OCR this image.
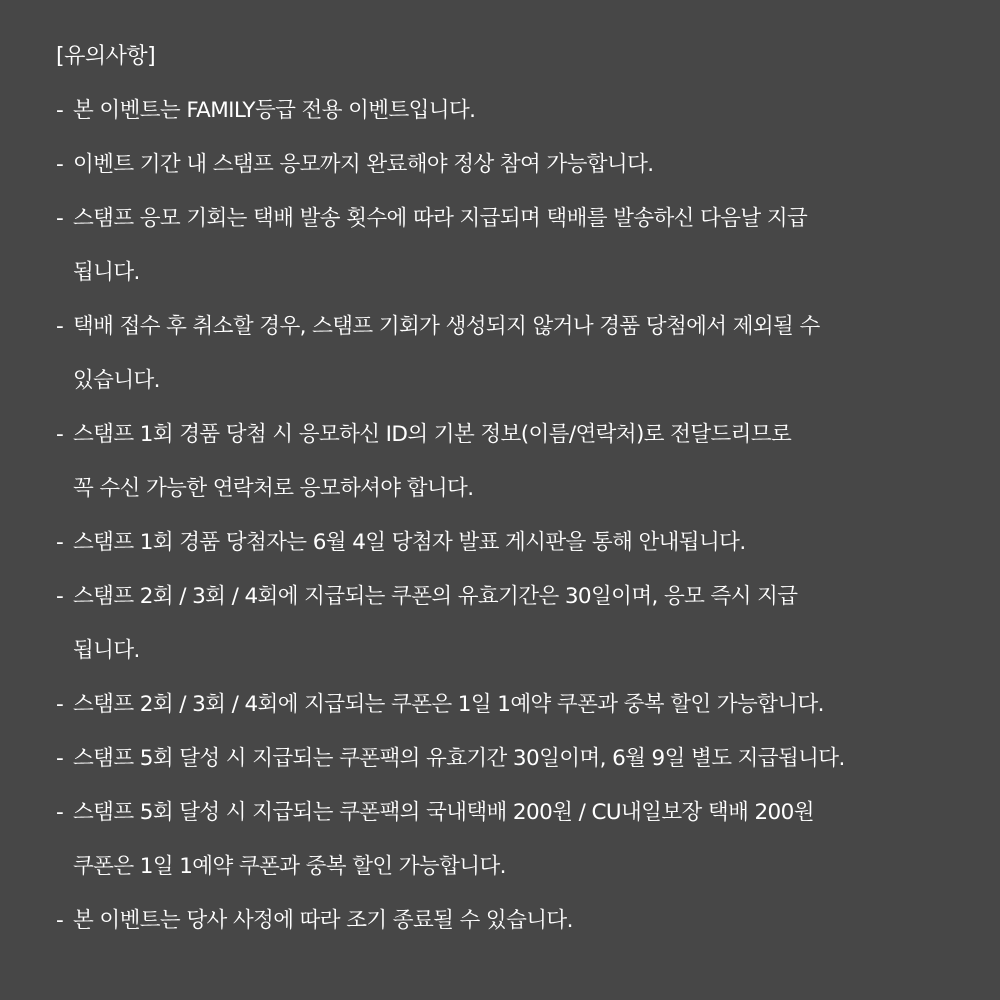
[유의사항]
- 본 이벤트는 FAMILY등급 전용 이벤트입니다.
- 이벤트 기간 내 스탬프 응모까지 완료해야 정상 참여 가능합니다.
- 스탬프 응모 기회는 택배 발송 횟수에 따라 지급되며 택배를 발송하신 다음날 지급
됩니다.
- 택배 접수 후 취소할 경우, 스탬프 기회가 생성되지 않거나 경품 당첨에서 제외될 수
있습니다.
- 스탬프 1회 경품 당첨 시 응모하신 ID의 기본 정보(이름/연락처)로 전달드리므로
꼭 수신 가능한 연락처로 응모하셔야 합니다.
- 스탬프 1회 경품 당첨자는 6월 4일 당첨자 발표 게시판을 통해 안내됩니다.
- 스탬프 2회 / 3회 / 4회에 지급되는 쿠폰의 유효기간은 30일이며, 응모 즉시 지급
됩니다.
- 스탬프 2회 / 3회 / 4회에 지급되는 쿠폰은 1일 1예약 쿠폰과 중복 할인 가능합니다.
- 스탬프 5회 달성 시 지급되는 쿠폰팩의 유효기간 30일이며, 6월 9일 별도 지급됩니다.
- 스탬프 5회 달성 시 지급되는 쿠폰팩의 국내택배 200원 / CU내일보장 택배 200원
쿠폰은 1일 1예약 쿠폰과 중복 할인 가능합니다.
- 본 이벤트는 당사 사정에 따라 조기 종료될 수 있습니다.
